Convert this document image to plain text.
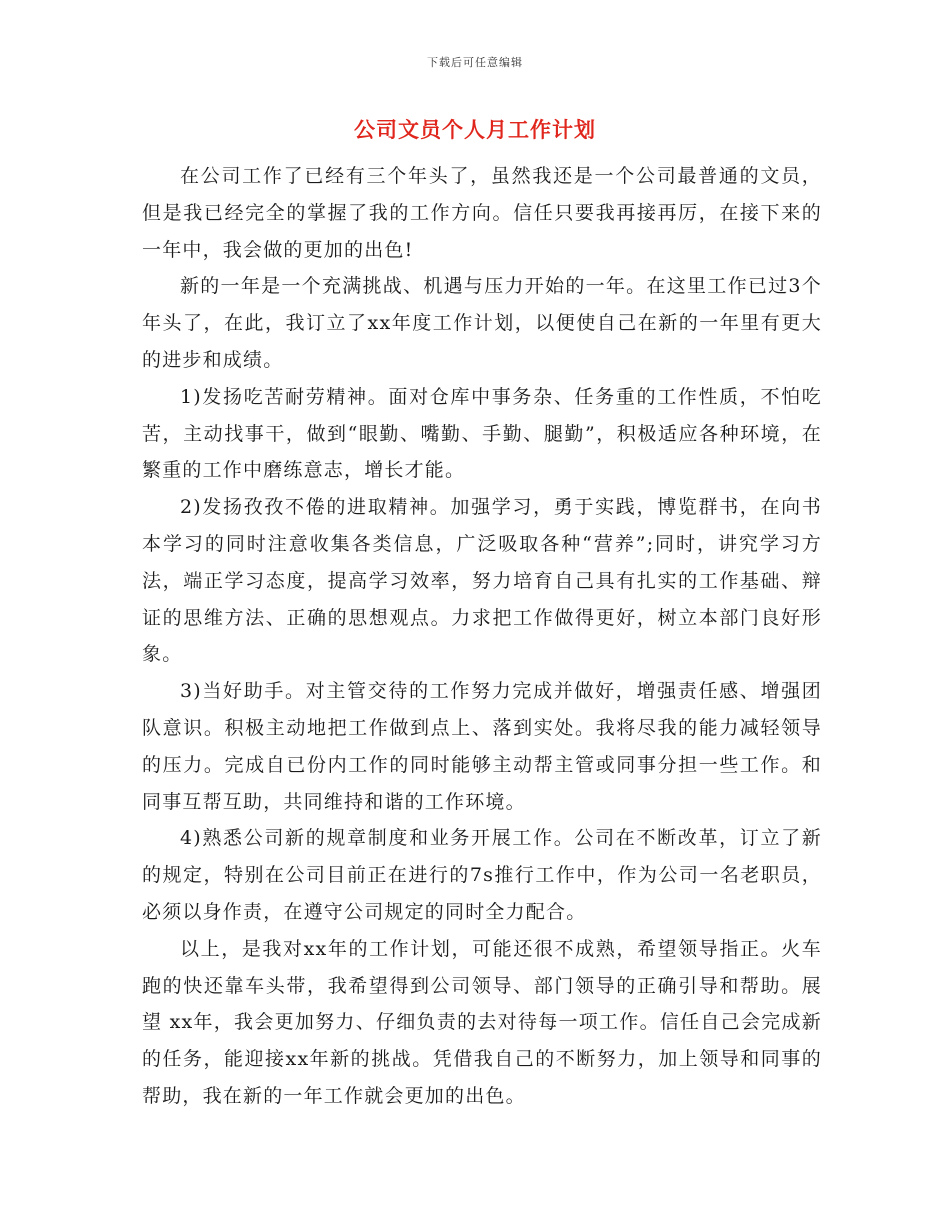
下载后可任意编辑
公司文员个人月工作计划

在公司工作了已经有三个年头了，虽然我还是一个公司最普通的文员，但是我已经完全的掌握了我的工作方向。信任只要我再接再厉，在接下来的一年中，我会做的更加的出色!

新的一年是一个充满挑战、机遇与压力开始的一年。在这里工作已过3个年头了，在此，我订立了xx年度工作计划，以便使自己在新的一年里有更大的进步和成绩。

1)发扬吃苦耐劳精神。面对仓库中事务杂、任务重的工作性质，不怕吃苦，主动找事干，做到“眼勤、嘴勤、手勤、腿勤”，积极适应各种环境，在繁重的工作中磨练意志，增长才能。

2)发扬孜孜不倦的进取精神。加强学习，勇于实践，博览群书，在向书本学习的同时注意收集各类信息，广泛吸取各种“营养”;同时，讲究学习方法，端正学习态度，提高学习效率，努力培育自己具有扎实的工作基础、辩证的思维方法、正确的思想观点。力求把工作做得更好，树立本部门良好形象。

3)当好助手。对主管交待的工作努力完成并做好，增强责任感、增强团队意识。积极主动地把工作做到点上、落到实处。我将尽我的能力减轻领导的压力。完成自已份内工作的同时能够主动帮主管或同事分担一些工作。和同事互帮互助，共同维持和谐的工作环境。

4)熟悉公司新的规章制度和业务开展工作。公司在不断改革，订立了新的规定，特别在公司目前正在进行的7s推行工作中，作为公司一名老职员，必须以身作责，在遵守公司规定的同时全力配合。

以上，是我对xx年的工作计划，可能还很不成熟，希望领导指正。火车跑的快还靠车头带，我希望得到公司领导、部门领导的正确引导和帮助。展望 xx年，我会更加努力、仔细负责的去对待每一项工作。信任自己会完成新的任务，能迎接xx年新的挑战。凭借我自己的不断努力，加上领导和同事的帮助，我在新的一年工作就会更加的出色。
